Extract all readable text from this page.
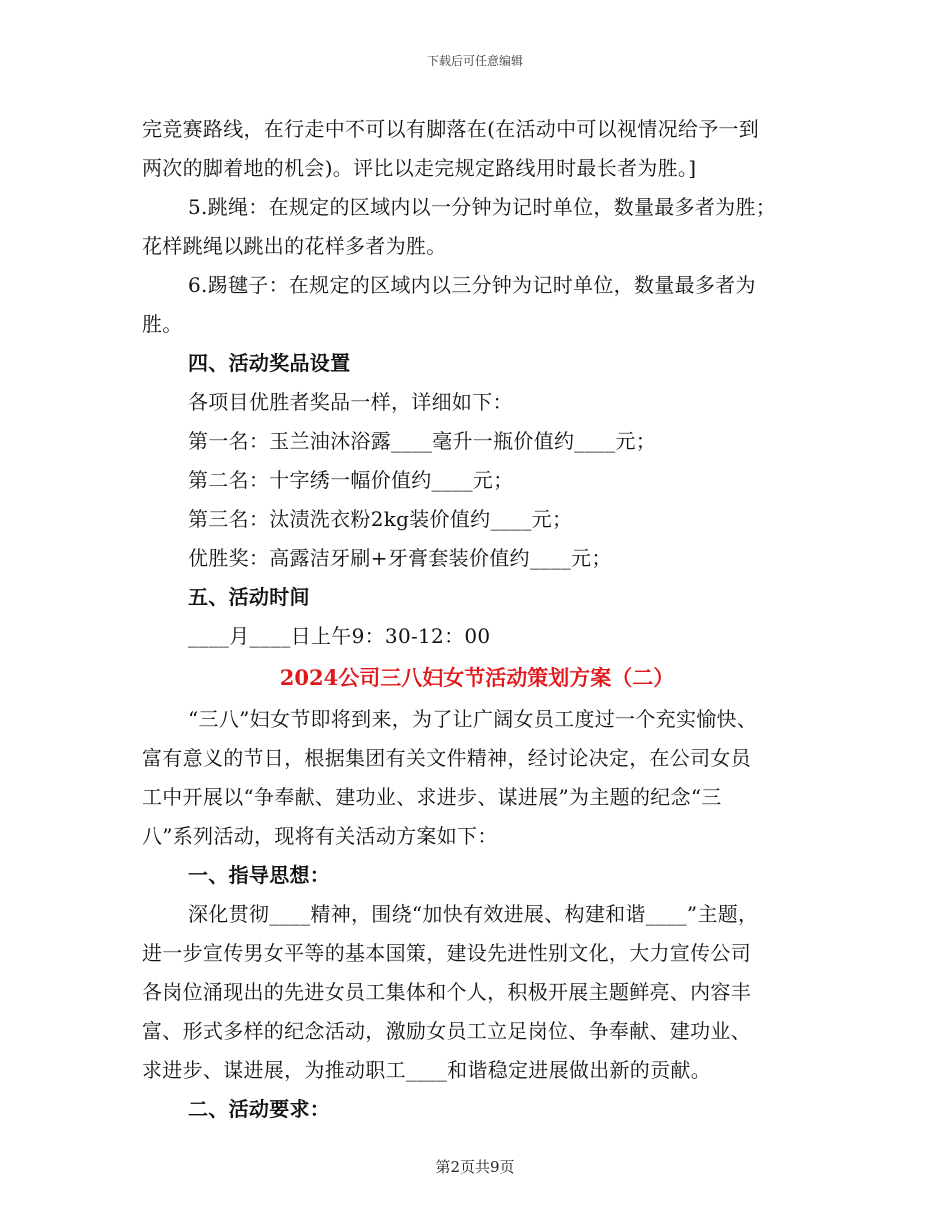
下载后可任意编辑
完竞赛路线，在行走中不可以有脚落在(在活动中可以视情况给予一到
两次的脚着地的机会)。评比以走完规定路线用时最长者为胜。]
5.跳绳：在规定的区域内以一分钟为记时单位，数量最多者为胜；
花样跳绳以跳出的花样多者为胜。
6.踢毽子：在规定的区域内以三分钟为记时单位，数量最多者为
胜。
四、活动奖品设置
各项目优胜者奖品一样，详细如下：
第一名：玉兰油沐浴露____毫升一瓶价值约____元；
第二名：十字绣一幅价值约____元；
第三名：汰渍洗衣粉2kg装价值约____元；
优胜奖：高露洁牙刷+牙膏套装价值约____元；
五、活动时间
____月____日上午9：30-12：00
2024公司三八妇女节活动策划方案（二）
“三八”妇女节即将到来，为了让广阔女员工度过一个充实愉快、
富有意义的节日，根据集团有关文件精神，经讨论决定，在公司女员
工中开展以“争奉献、建功业、求进步、谋进展”为主题的纪念“三
八”系列活动，现将有关活动方案如下：
一、指导思想：
深化贯彻____精神，围绕“加快有效进展、构建和谐____”主题，
进一步宣传男女平等的基本国策，建设先进性别文化，大力宣传公司
各岗位涌现出的先进女员工集体和个人，积极开展主题鲜亮、内容丰
富、形式多样的纪念活动，激励女员工立足岗位、争奉献、建功业、
求进步、谋进展，为推动职工____和谐稳定进展做出新的贡献。
二、活动要求：
第2页共9页
